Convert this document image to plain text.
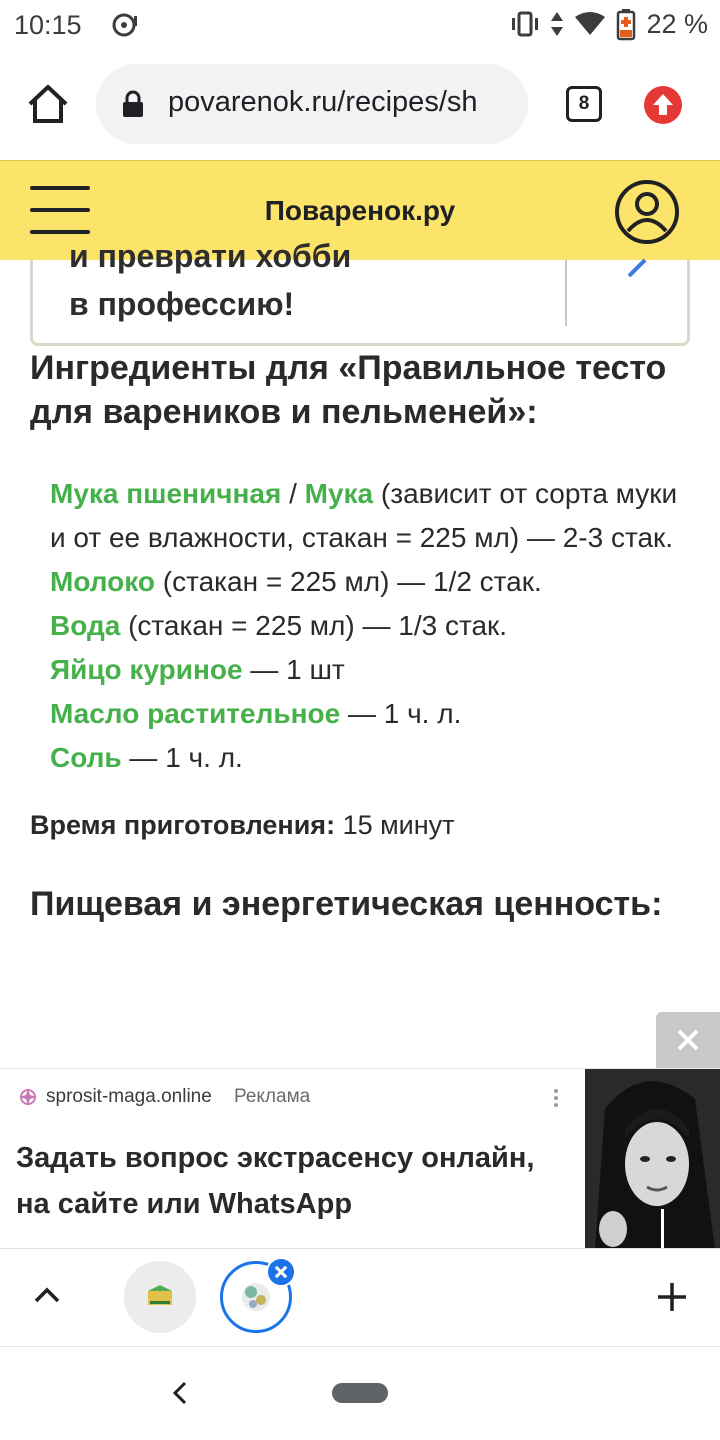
10:15	22 %
povarenok.ru/recipes/sh	8
Поваренок.ру
и преврати хобби
в профессию!
Ингредиенты для «Правильное тесто для вареников и пельменей»:
Мука пшеничная / Мука (зависит от сорта муки и от ее влажности, стакан = 225 мл) — 2-3 стак.
Молоко (стакан = 225 мл) — 1/2 стак.
Вода (стакан = 225 мл) — 1/3 стак.
Яйцо куриное — 1 шт
Масло растительное — 1 ч. л.
Соль — 1 ч. л.
Время приготовления: 15 минут
Пищевая и энергетическая ценность:
sprosit-maga.online Реклама
Задать вопрос экстрасенсу онлайн, на сайте или WhatsApp
